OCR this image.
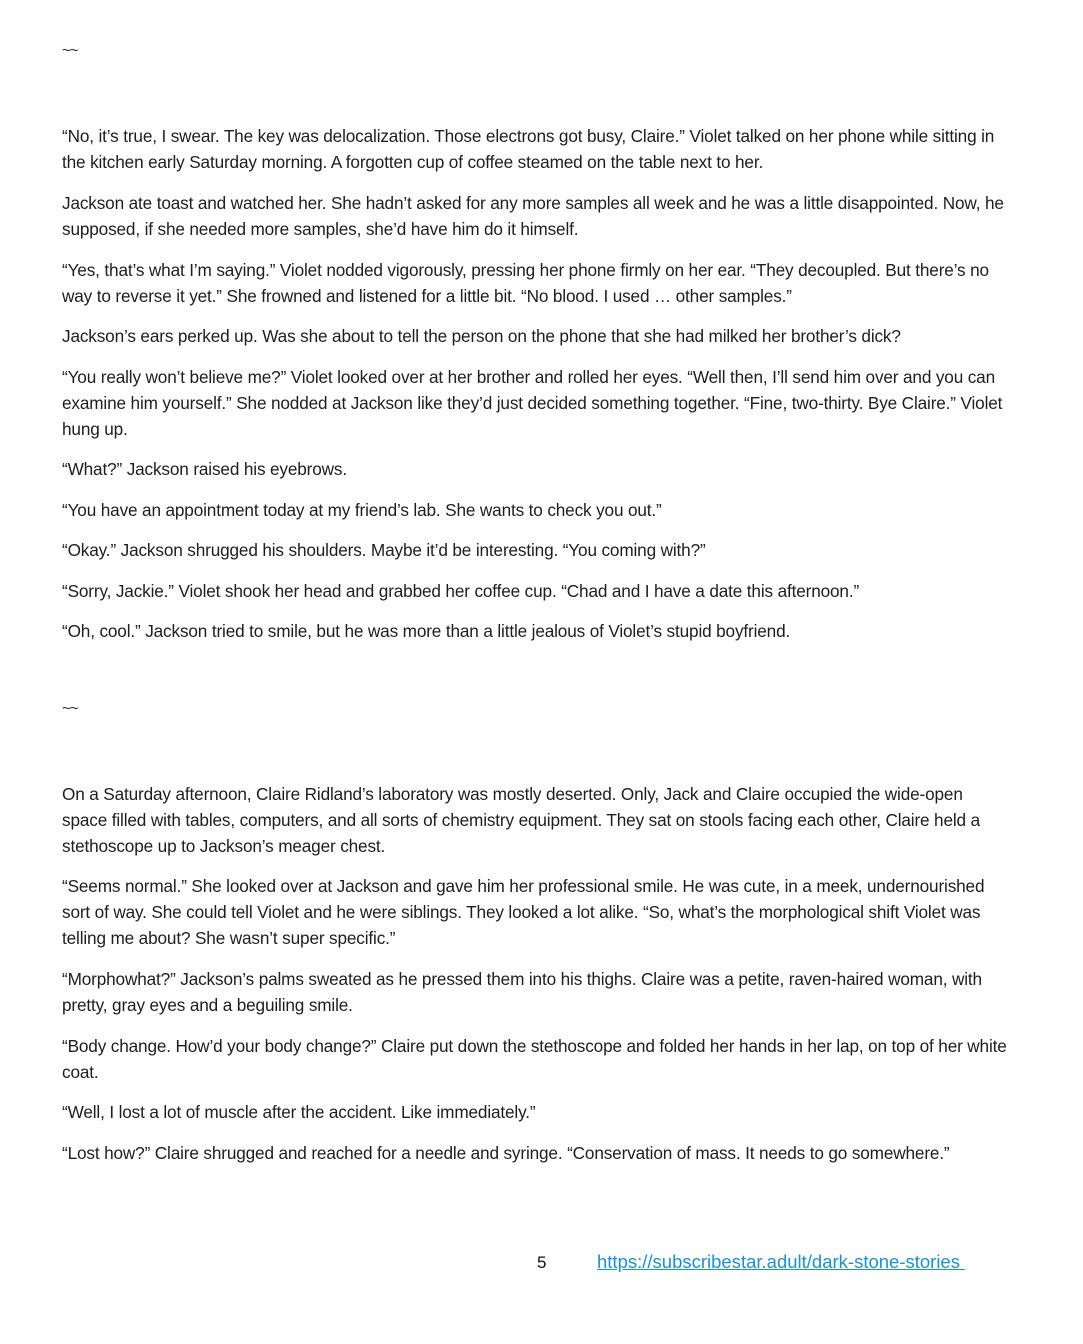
~~

“No, it’s true, I swear. The key was delocalization. Those electrons got busy, Claire.” Violet talked on her phone while sitting in the kitchen early Saturday morning. A forgotten cup of coffee steamed on the table next to her.

Jackson ate toast and watched her. She hadn’t asked for any more samples all week and he was a little disappointed. Now, he supposed, if she needed more samples, she’d have him do it himself.

“Yes, that’s what I’m saying.” Violet nodded vigorously, pressing her phone firmly on her ear. “They decoupled. But there’s no way to reverse it yet.” She frowned and listened for a little bit. “No blood. I used … other samples.”

Jackson’s ears perked up. Was she about to tell the person on the phone that she had milked her brother’s dick?

“You really won’t believe me?” Violet looked over at her brother and rolled her eyes. “Well then, I’ll send him over and you can examine him yourself.” She nodded at Jackson like they’d just decided something together. “Fine, two-thirty. Bye Claire.” Violet hung up.

“What?” Jackson raised his eyebrows.

“You have an appointment today at my friend’s lab. She wants to check you out.”

“Okay.” Jackson shrugged his shoulders. Maybe it’d be interesting. “You coming with?”

“Sorry, Jackie.” Violet shook her head and grabbed her coffee cup. “Chad and I have a date this afternoon.”

“Oh, cool.” Jackson tried to smile, but he was more than a little jealous of Violet’s stupid boyfriend.

~~

On a Saturday afternoon, Claire Ridland’s laboratory was mostly deserted. Only, Jack and Claire occupied the wide-open space filled with tables, computers, and all sorts of chemistry equipment. They sat on stools facing each other, Claire held a stethoscope up to Jackson’s meager chest.

“Seems normal.” She looked over at Jackson and gave him her professional smile. He was cute, in a meek, undernourished sort of way. She could tell Violet and he were siblings. They looked a lot alike. “So, what’s the morphological shift Violet was telling me about? She wasn’t super specific.”

“Morphowhat?” Jackson’s palms sweated as he pressed them into his thighs. Claire was a petite, raven-haired woman, with pretty, gray eyes and a beguiling smile.

“Body change. How’d your body change?” Claire put down the stethoscope and folded her hands in her lap, on top of her white coat.

“Well, I lost a lot of muscle after the accident. Like immediately.”

“Lost how?” Claire shrugged and reached for a needle and syringe. “Conservation of mass. It needs to go somewhere.”

5	https://subscribestar.adult/dark-stone-stories
